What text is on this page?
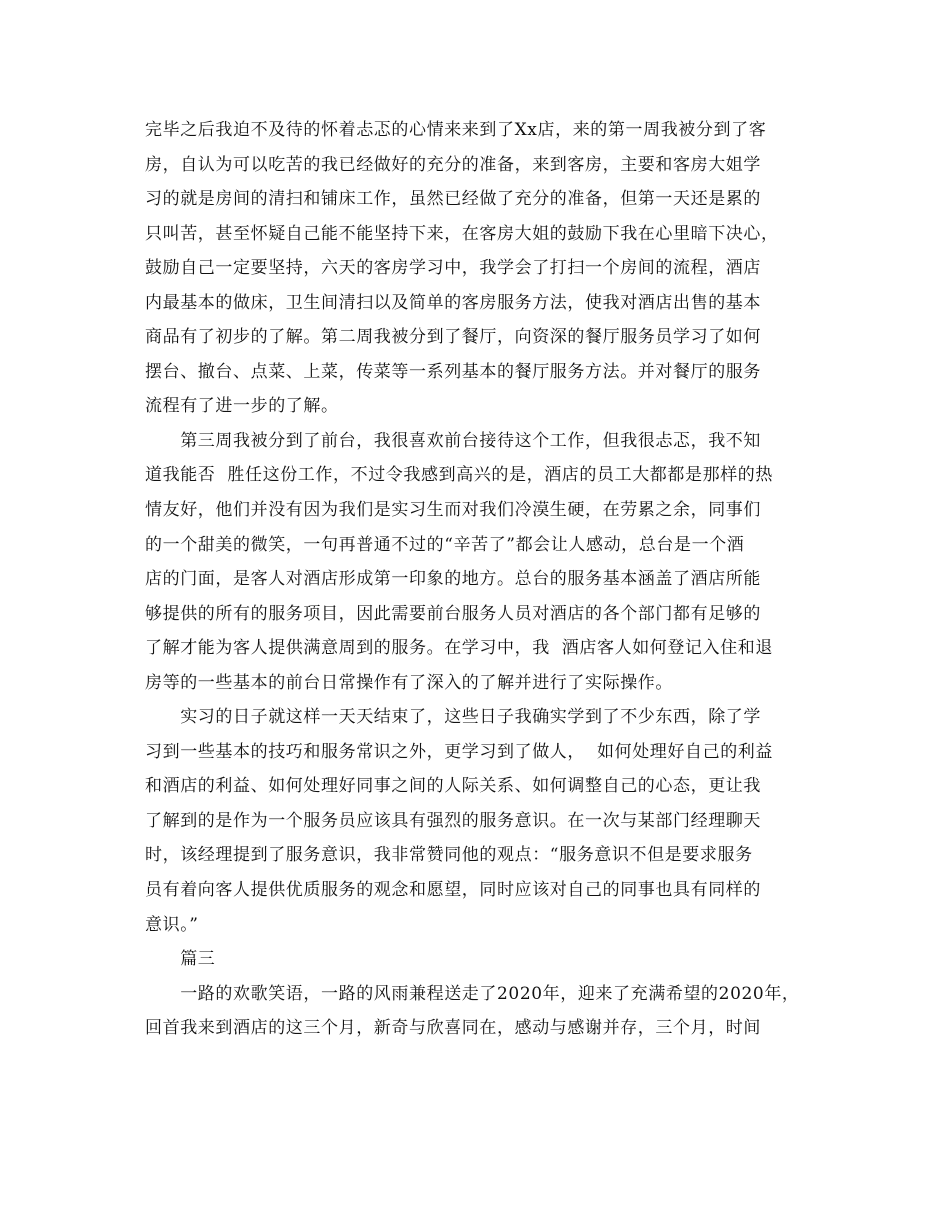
完毕之后我迫不及待的怀着忐忑的心情来来到了Xx店，来的第一周我被分到了客
房，自认为可以吃苦的我已经做好的充分的准备，来到客房，主要和客房大姐学
习的就是房间的清扫和铺床工作，虽然已经做了充分的准备，但第一天还是累的
只叫苦，甚至怀疑自己能不能坚持下来，在客房大姐的鼓励下我在心里暗下决心，
鼓励自己一定要坚持，六天的客房学习中，我学会了打扫一个房间的流程，酒店
内最基本的做床，卫生间清扫以及简单的客房服务方法，使我对酒店出售的基本
商品有了初步的了解。第二周我被分到了餐厅，向资深的餐厅服务员学习了如何
摆台、撤台、点菜、上菜，传菜等一系列基本的餐厅服务方法。并对餐厅的服务
流程有了进一步的了解。
　　第三周我被分到了前台，我很喜欢前台接待这个工作，但我很忐忑，我不知
道我能否  胜任这份工作，不过令我感到高兴的是，酒店的员工大都都是那样的热
情友好，他们并没有因为我们是实习生而对我们冷漠生硬，在劳累之余，同事们
的一个甜美的微笑，一句再普通不过的“辛苦了”都会让人感动，总台是一个酒
店的门面，是客人对酒店形成第一印象的地方。总台的服务基本涵盖了酒店所能
够提供的所有的服务项目，因此需要前台服务人员对酒店的各个部门都有足够的
了解才能为客人提供满意周到的服务。在学习中，我  酒店客人如何登记入住和退
房等的一些基本的前台日常操作有了深入的了解并进行了实际操作。
　　实习的日子就这样一天天结束了，这些日子我确实学到了不少东西，除了学
习到一些基本的技巧和服务常识之外，更学习到了做人，  如何处理好自己的利益
和酒店的利益、如何处理好同事之间的人际关系、如何调整自己的心态，更让我
了解到的是作为一个服务员应该具有强烈的服务意识。在一次与某部门经理聊天
时，该经理提到了服务意识，我非常赞同他的观点：“服务意识不但是要求服务
员有着向客人提供优质服务的观念和愿望，同时应该对自己的同事也具有同样的
意识。”
　　篇三
　　一路的欢歌笑语，一路的风雨兼程送走了2020年，迎来了充满希望的2020年，
回首我来到酒店的这三个月，新奇与欣喜同在，感动与感谢并存，三个月，时间
